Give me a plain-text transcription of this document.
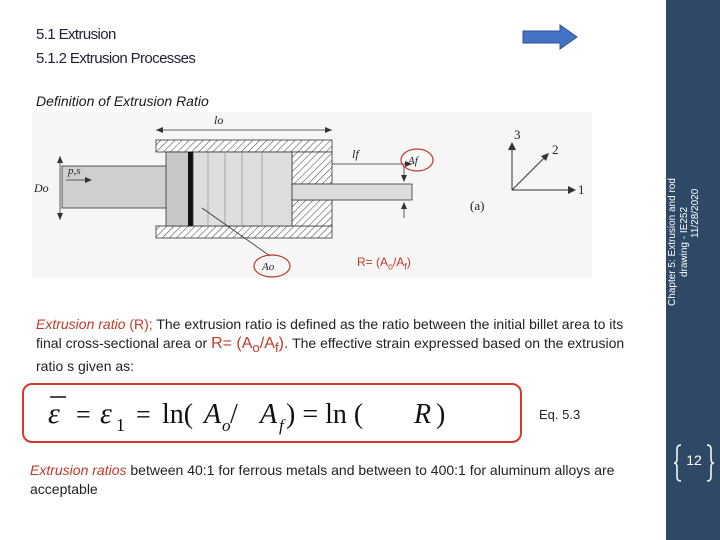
5.1 Extrusion
5.1.2 Extrusion Processes
Definition of Extrusion Ratio
lo
lf
Do
p,s
Af
Ao
1
2
3
(a)
$R= (A_o/A_f)$
Extrusion ratio (R); The extrusion ratio is defined as the ratio between the initial billet area to its final cross-sectional area or $R= (A_o/A_f)$. The effective strain expressed based on the extrusion ratio s given as:
ε = ε 1 = ln( A o / A f ) = ln ( R )	Eq. 5.3
Extrusion ratios between 40:1 for ferrous metals and between to 400:1 for aluminum alloys are acceptable
Chapter 5: Extrusion and rod drawing - IE252 11/28/2020
12
